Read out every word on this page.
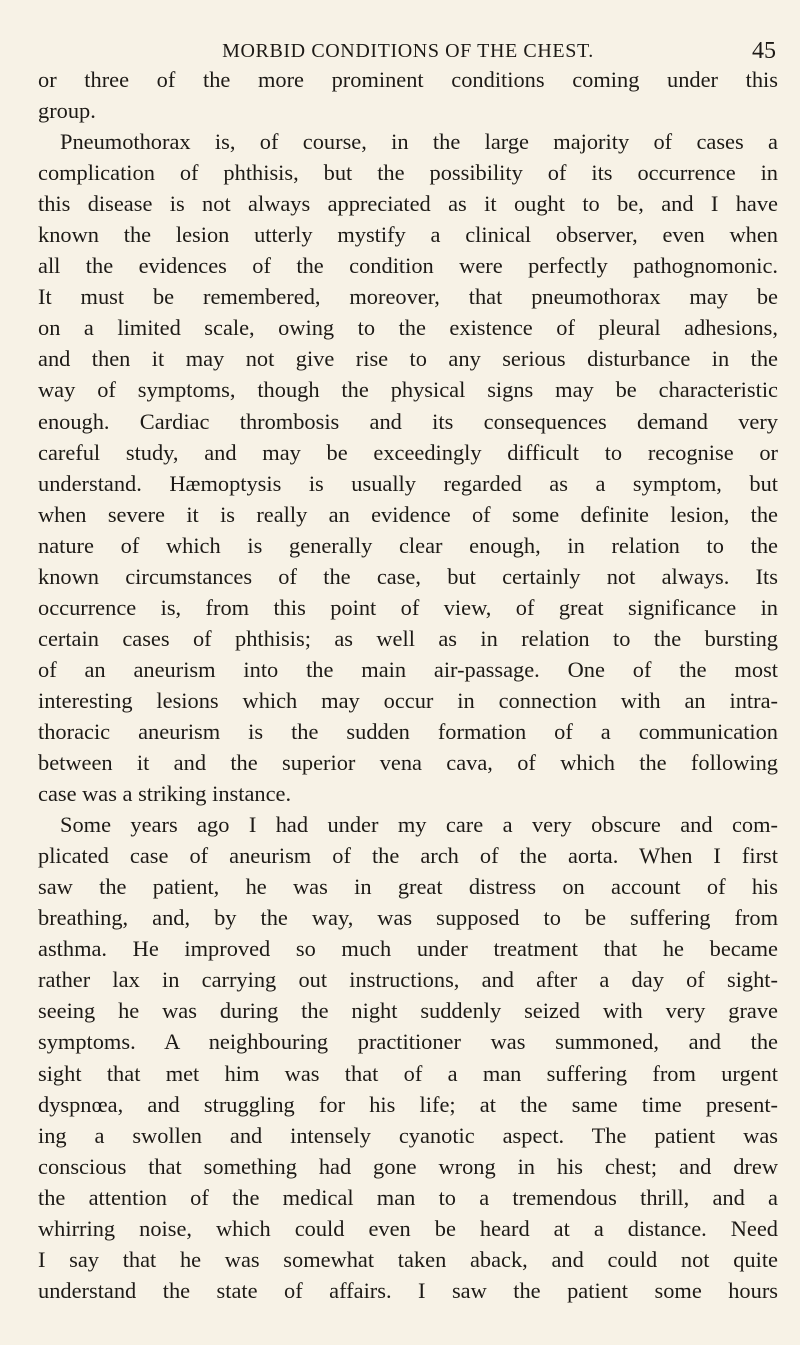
MORBID CONDITIONS OF THE CHEST.	45
or three of the more prominent conditions coming under this
group.
Pneumothorax is, of course, in the large majority of cases a
complication of phthisis, but the possibility of its occurrence in
this disease is not always appreciated as it ought to be, and I have
known the lesion utterly mystify a clinical observer, even when
all the evidences of the condition were perfectly pathognomonic.
It must be remembered, moreover, that pneumothorax may be
on a limited scale, owing to the existence of pleural adhesions,
and then it may not give rise to any serious disturbance in the
way of symptoms, though the physical signs may be characteristic
enough. Cardiac thrombosis and its consequences demand very
careful study, and may be exceedingly difficult to recognise or
understand. Hæmoptysis is usually regarded as a symptom, but
when severe it is really an evidence of some definite lesion, the
nature of which is generally clear enough, in relation to the
known circumstances of the case, but certainly not always. Its
occurrence is, from this point of view, of great significance in
certain cases of phthisis; as well as in relation to the bursting
of an aneurism into the main air-passage. One of the most
interesting lesions which may occur in connection with an intra-
thoracic aneurism is the sudden formation of a communication
between it and the superior vena cava, of which the following
case was a striking instance.
Some years ago I had under my care a very obscure and com-
plicated case of aneurism of the arch of the aorta. When I first
saw the patient, he was in great distress on account of his
breathing, and, by the way, was supposed to be suffering from
asthma. He improved so much under treatment that he became
rather lax in carrying out instructions, and after a day of sight-
seeing he was during the night suddenly seized with very grave
symptoms. A neighbouring practitioner was summoned, and the
sight that met him was that of a man suffering from urgent
dyspnœa, and struggling for his life; at the same time present-
ing a swollen and intensely cyanotic aspect. The patient was
conscious that something had gone wrong in his chest; and drew
the attention of the medical man to a tremendous thrill, and a
whirring noise, which could even be heard at a distance. Need
I say that he was somewhat taken aback, and could not quite
understand the state of affairs. I saw the patient some hours
